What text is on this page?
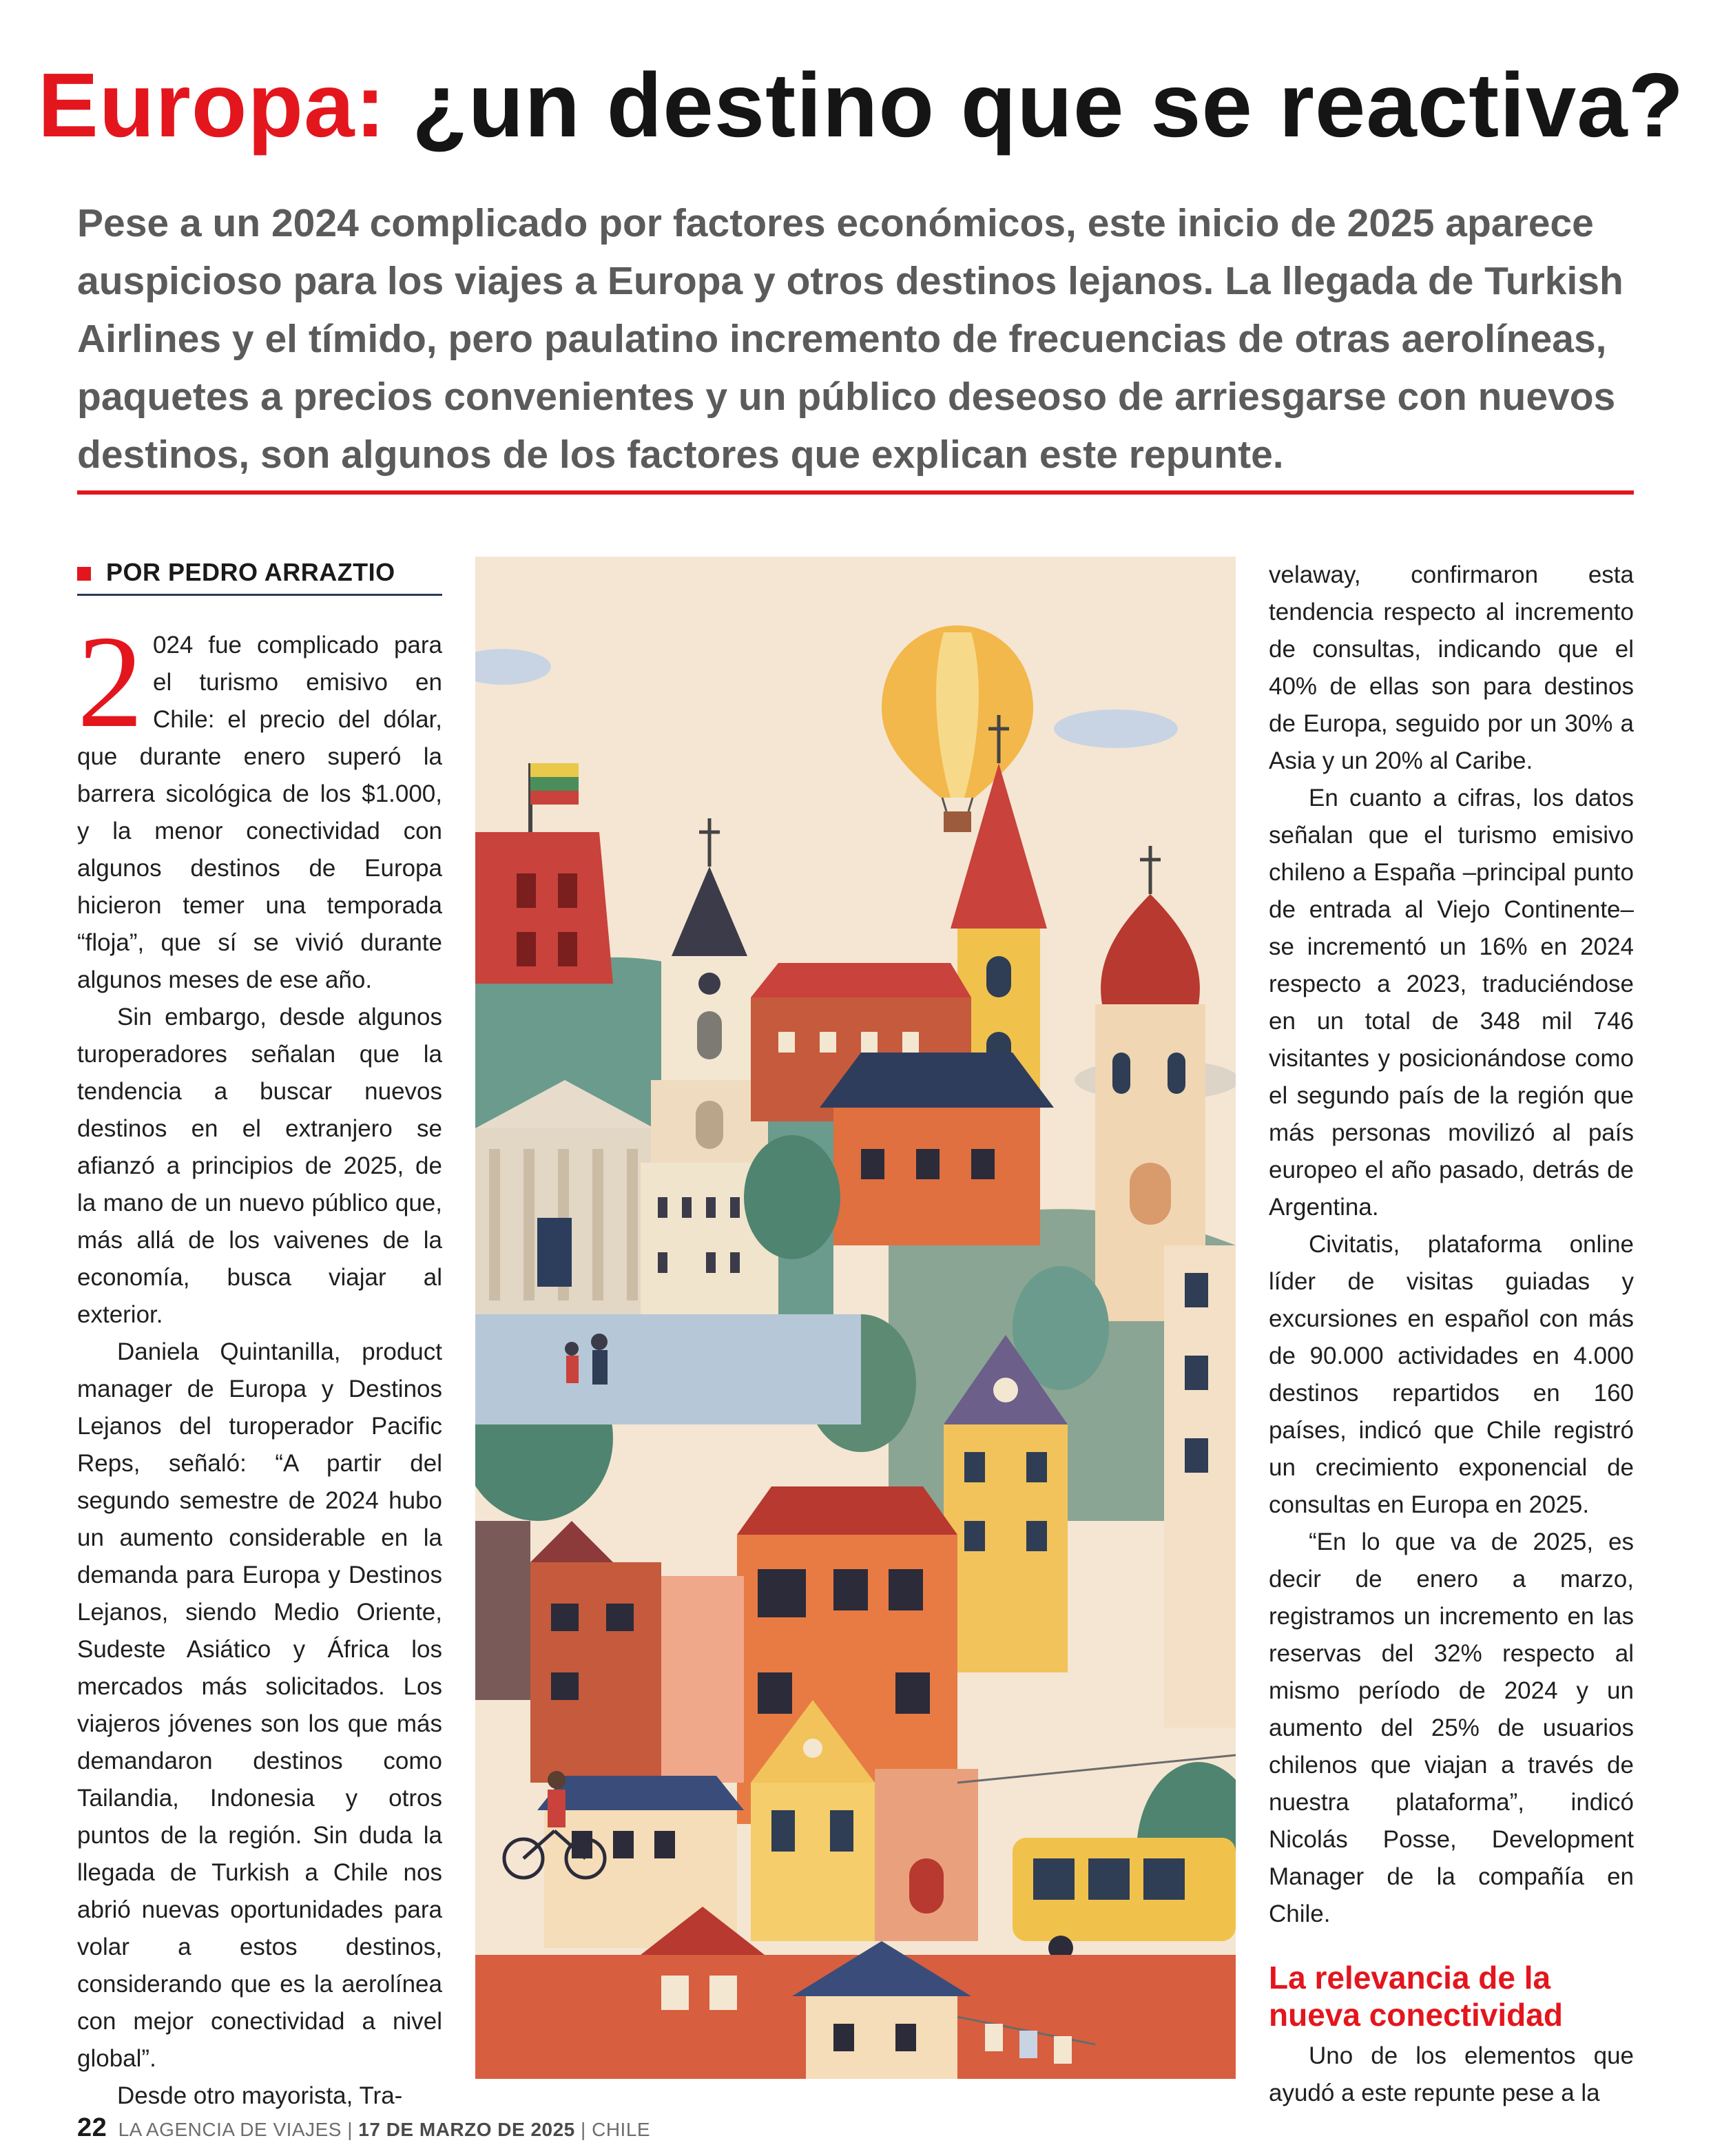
Europa: ¿un destino que se reactiva?

Pese a un 2024 complicado por factores económicos, este inicio de 2025 aparece auspicioso para los viajes a Europa y otros destinos lejanos. La llegada de Turkish Airlines y el tímido, pero paulatino incremento de frecuencias de otras aerolíneas, paquetes a precios convenientes y un público deseoso de arriesgarse con nuevos destinos, son algunos de los factores que explican este repunte.

POR PEDRO ARRAZTIO

2 024 fue complicado para el turismo emisivo en Chile: el precio del dólar, que durante enero superó la barrera sicológica de los $1.000, y la menor conectividad con algunos destinos de Europa hicieron temer una temporada “floja”, que sí se vivió durante algunos meses de ese año.

Sin embargo, desde algunos turoperadores señalan que la tendencia a buscar nuevos destinos en el extranjero se afianzó a principios de 2025, de la mano de un nuevo público que, más allá de los vaivenes de la economía, busca viajar al exterior.

Daniela Quintanilla, product manager de Europa y Destinos Lejanos del turoperador Pacific Reps, señaló: “A partir del segundo semestre de 2024 hubo un aumento considerable en la demanda para Europa y Destinos Lejanos, siendo Medio Oriente, Sudeste Asiático y África los mercados más solicitados. Los viajeros jóvenes son los que más demandaron destinos como Tailandia, Indonesia y otros puntos de la región. Sin duda la llegada de Turkish a Chile nos abrió nuevas oportunidades para volar a estos destinos, considerando que es la aerolínea con mejor conectividad a nivel global”.

Desde otro mayorista, Tra-

velaway, confirmaron esta tendencia respecto al incremento de consultas, indicando que el 40% de ellas son para destinos de Europa, seguido por un 30% a Asia y un 20% al Caribe.

En cuanto a cifras, los datos señalan que el turismo emisivo chileno a España –principal punto de entrada al Viejo Continente– se incrementó un 16% en 2024 respecto a 2023, traduciéndose en un total de 348 mil 746 visitantes y posicionándose como el segundo país de la región que más personas movilizó al país europeo el año pasado, detrás de Argentina.

Civitatis, plataforma online líder de visitas guiadas y excursiones en español con más de 90.000 actividades en 4.000 destinos repartidos en 160 países, indicó que Chile registró un crecimiento exponencial de consultas en Europa en 2025.

“En lo que va de 2025, es decir de enero a marzo, registramos un incremento en las reservas del 32% respecto al mismo período de 2024 y un aumento del 25% de usuarios chilenos que viajan a través de nuestra plataforma”, indicó Nicolás Posse, Development Manager de la compañía en Chile.

La relevancia de la nueva conectividad

Uno de los elementos que ayudó a este repunte pese a la

22 LA AGENCIA DE VIAJES | 17 DE MARZO DE 2025 | CHILE
